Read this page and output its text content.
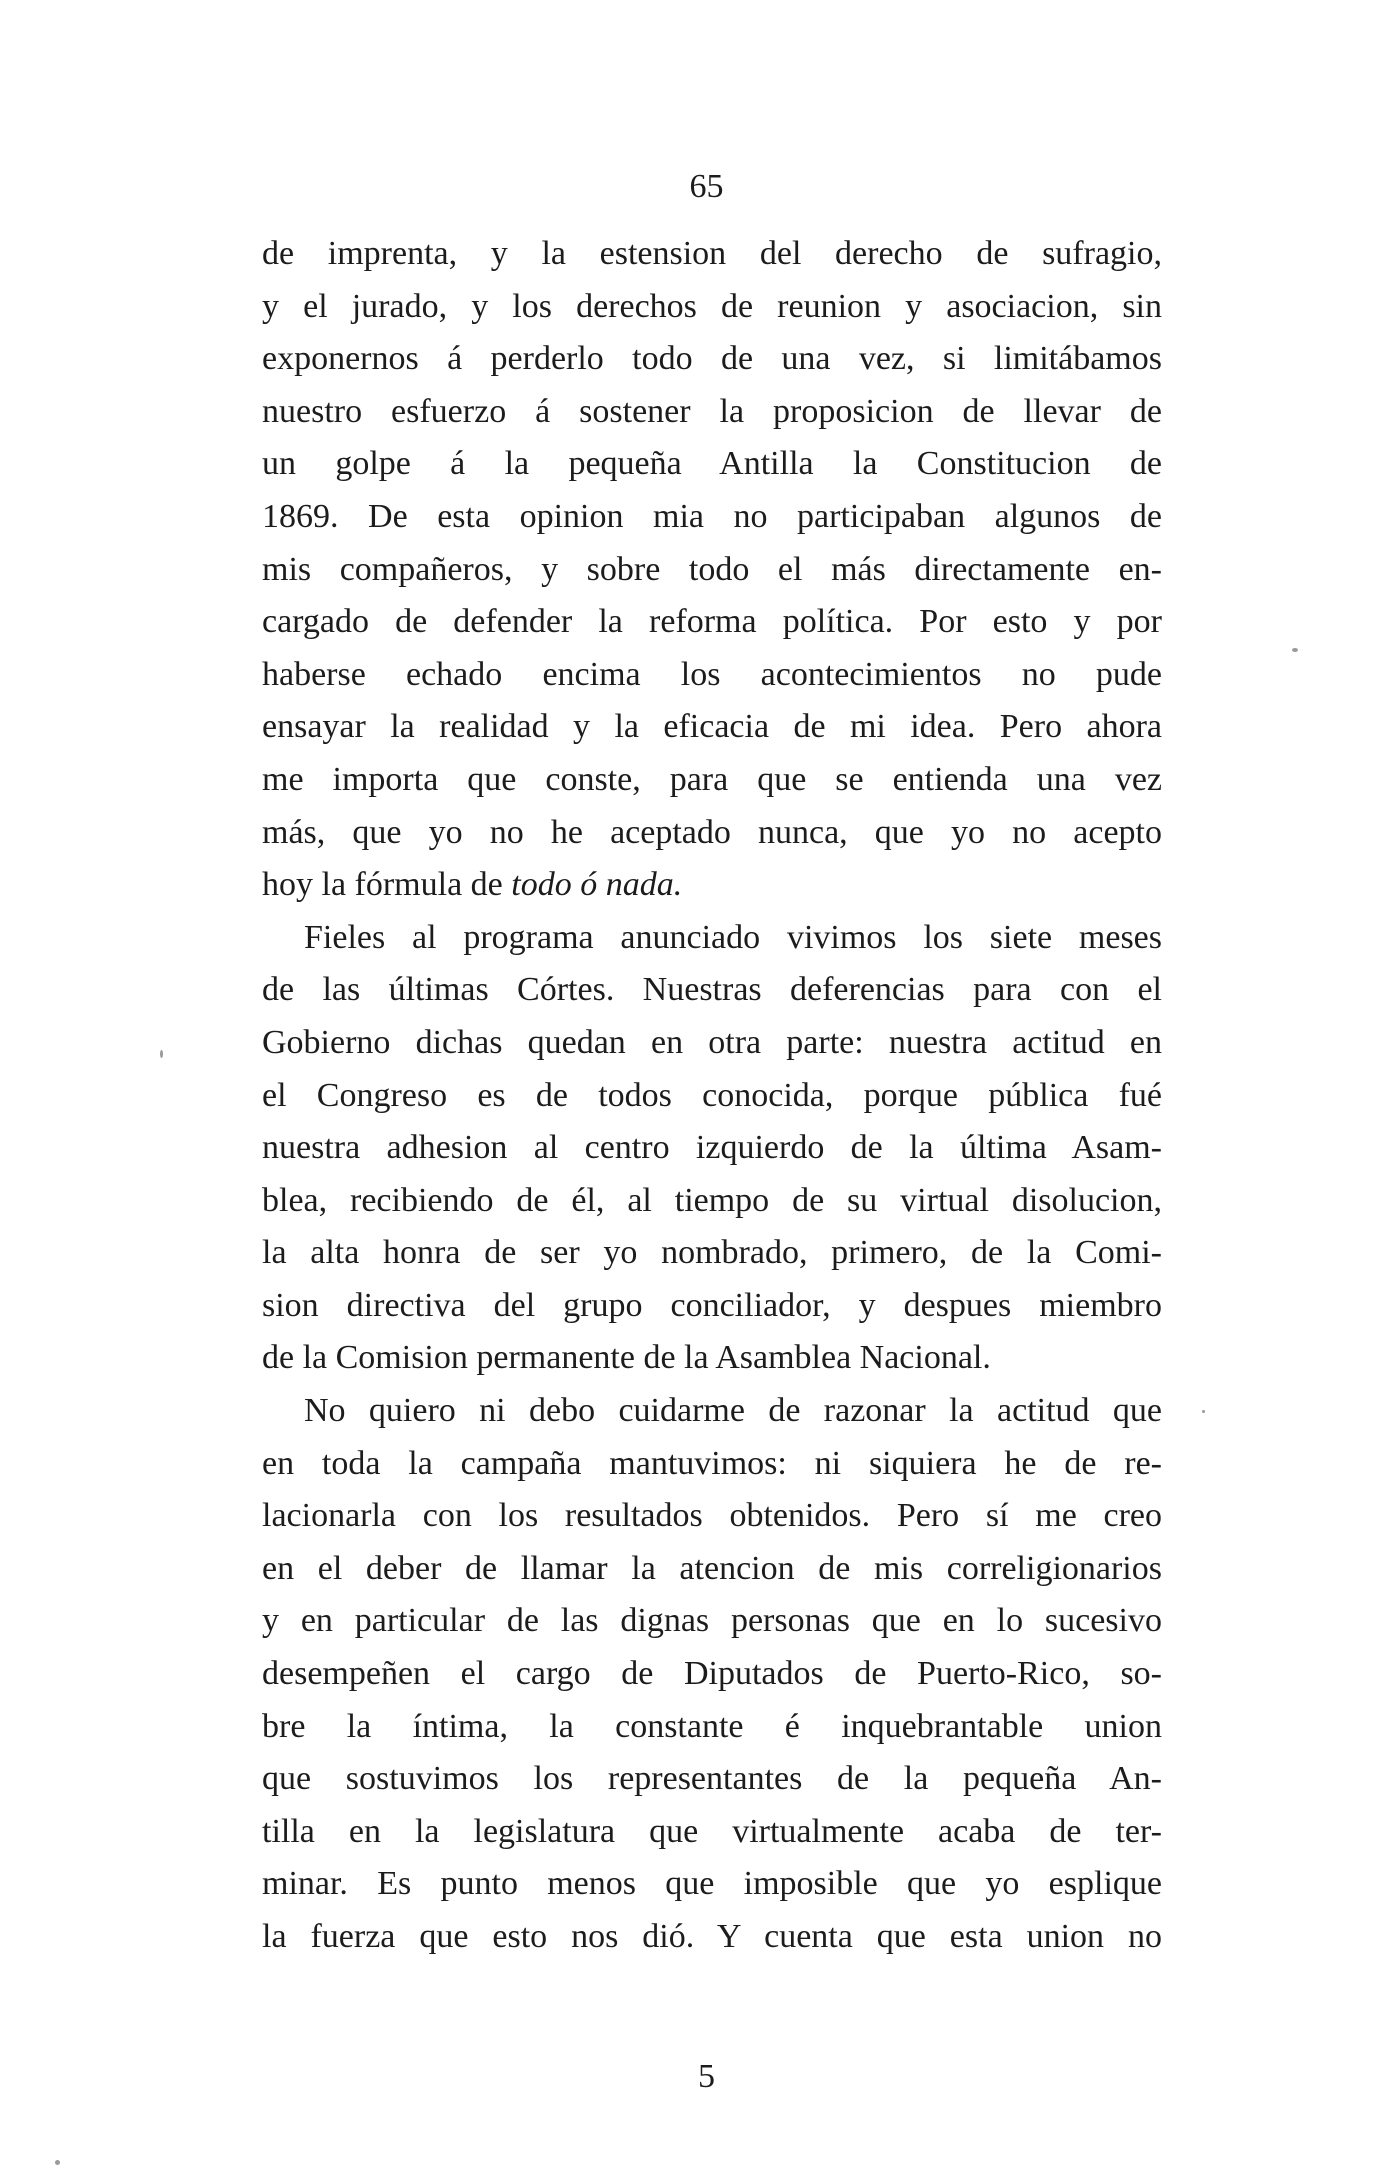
65
de imprenta, y la estension del derecho de sufragio,
y el jurado, y los derechos de reunion y asociacion, sin
exponernos á perderlo todo de una vez, si limitábamos
nuestro esfuerzo á sostener la proposicion de llevar de
un golpe á la pequeña Antilla la Constitucion de
1869. De esta opinion mia no participaban algunos de
mis compañeros, y sobre todo el más directamente en-
cargado de defender la reforma política. Por esto y por
haberse echado encima los acontecimientos no pude
ensayar la realidad y la eficacia de mi idea. Pero ahora
me importa que conste, para que se entienda una vez
más, que yo no he aceptado nunca, que yo no acepto
hoy la fórmula de todo ó nada.
Fieles al programa anunciado vivimos los siete meses
de las últimas Córtes. Nuestras deferencias para con el
Gobierno dichas quedan en otra parte: nuestra actitud en
el Congreso es de todos conocida, porque pública fué
nuestra adhesion al centro izquierdo de la última Asam-
blea, recibiendo de él, al tiempo de su virtual disolucion,
la alta honra de ser yo nombrado, primero, de la Comi-
sion directiva del grupo conciliador, y despues miembro
de la Comision permanente de la Asamblea Nacional.
No quiero ni debo cuidarme de razonar la actitud que
en toda la campaña mantuvimos: ni siquiera he de re-
lacionarla con los resultados obtenidos. Pero sí me creo
en el deber de llamar la atencion de mis correligionarios
y en particular de las dignas personas que en lo sucesivo
desempeñen el cargo de Diputados de Puerto-Rico, so-
bre la íntima, la constante é inquebrantable union
que sostuvimos los representantes de la pequeña An-
tilla en la legislatura que virtualmente acaba de ter-
minar. Es punto menos que imposible que yo esplique
la fuerza que esto nos dió. Y cuenta que esta union no
5
